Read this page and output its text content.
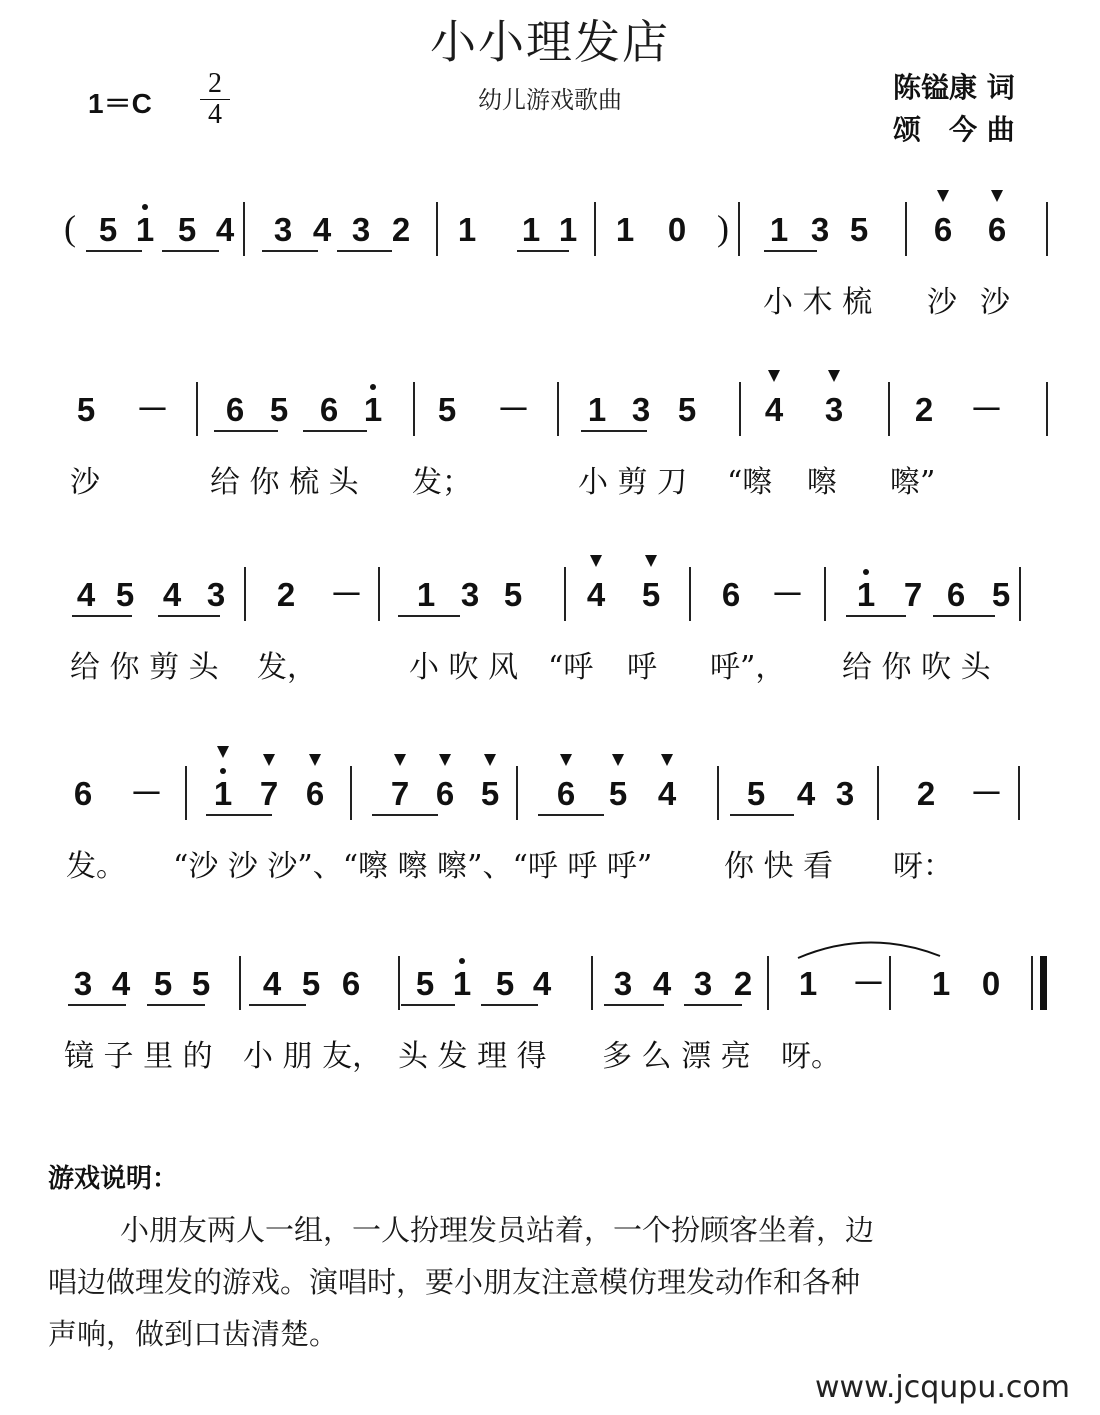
小小理发店
幼儿游戏歌曲
1＝C
2
4
陈镒康 词
颂　今 曲
5 1 5 4 3 4 3 2 1 1 1 1 0	1 3 5 6 6
(	)
小 木 梳 沙 沙
5 － 6 5 6 1 5 － 1 3 5 4 3 2 －
沙	给 你 梳 头 发；	小 剪 刀 “嚓 嚓 嚓”
4 5 4 3 2 － 1 3 5 4 5 6 － 1 7 6 5
给 你 剪 头 发，	小 吹 风 “呼 呼 呼”， 给 你 吹 头
6 － 1 7 6 7 6 5 6 5 4 5 4 3 2 －
发。 “沙 沙 沙”、“嚓 嚓 嚓”、“呼 呼 呼” 你 快 看 呀：
3 4 5 5 4 5 6 5 1 5 4 3 4 3 2 1 － 1 0
镜 子 里 的 小 朋 友， 头 发 理 得 多 么 漂 亮 呀。
游戏说明：
小朋友两人一组，一人扮理发员站着，一个扮顾客坐着，边
唱边做理发的游戏。演唱时，要小朋友注意模仿理发动作和各种
声响，做到口齿清楚。
www.jcqupu.com
